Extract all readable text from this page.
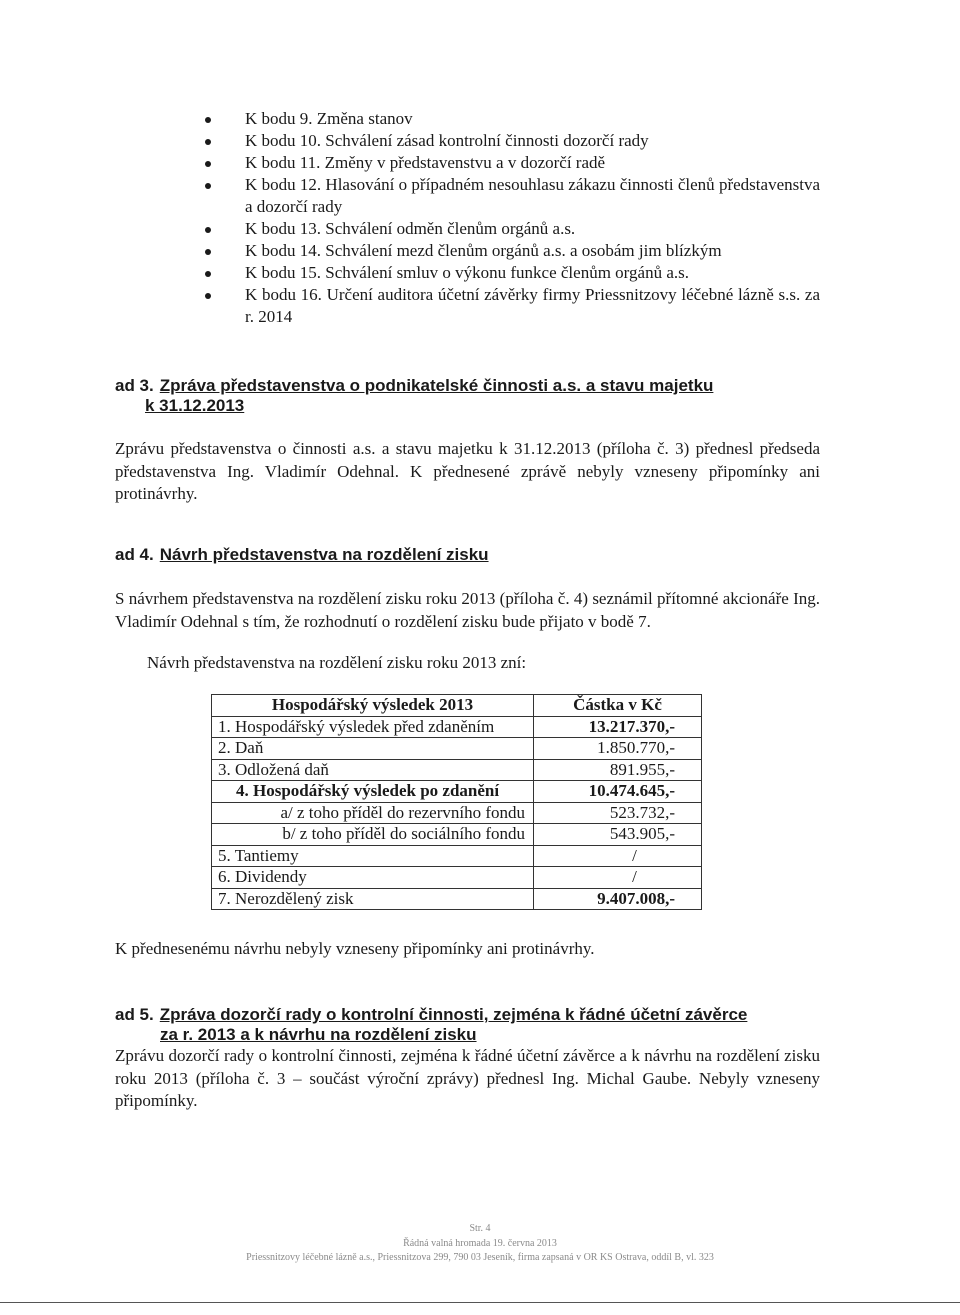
K bodu 9. Změna stanov
K bodu 10. Schválení zásad kontrolní činnosti dozorčí rady
K bodu 11. Změny v představenstvu a v dozorčí radě
K bodu 12. Hlasování o případném nesouhlasu zákazu činnosti členů představenstva a dozorčí rady
K bodu 13. Schválení odměn členům orgánů a.s.
K bodu 14. Schválení mezd členům orgánů a.s. a osobám jim blízkým
K bodu 15. Schválení smluv o výkonu funkce členům orgánů a.s.
K bodu 16. Určení auditora účetní závěrky firmy Priessnitzovy léčebné lázně s.s. za r. 2014
ad 3. Zpráva představenstva o podnikatelské činnosti a.s. a stavu majetku
k 31.12.2013

Zprávu představenstva o činnosti a.s. a stavu majetku k 31.12.2013 (příloha č. 3) přednesl předseda představenstva Ing. Vladimír Odehnal. K přednesené zprávě nebyly vzneseny připomínky ani protinávrhy.

ad 4. Návrh představenstva na rozdělení zisku

S návrhem představenstva na rozdělení zisku roku 2013 (příloha č. 4) seznámil přítomné akcionáře Ing. Vladimír Odehnal s tím, že rozhodnutí o rozdělení zisku bude přijato v bodě 7.

Návrh představenstva na rozdělení zisku roku 2013 zní:

Hospodářský výsledek 2013	Částka v Kč
1. Hospodářský výsledek před zdaněním	13.217.370,-
2. Daň	1.850.770,-
3. Odložená daň	891.955,-
4. Hospodářský výsledek po zdanění	10.474.645,-
a/ z toho příděl do rezervního fondu	523.732,-
b/ z toho příděl do sociálního fondu	543.905,-
5. Tantiemy	/
6. Dividendy	/
7. Nerozdělený zisk	9.407.008,-

K přednesenému návrhu nebyly vzneseny připomínky ani protinávrhy.

ad 5. Zpráva dozorčí rady o kontrolní činnosti, zejména k řádné účetní závěrce
za r. 2013 a k návrhu na rozdělení zisku

Zprávu dozorčí rady o kontrolní činnosti, zejména k řádné účetní závěrce a k návrhu na rozdělení zisku roku 2013 (příloha č. 3 – součást výroční zprávy) přednesl Ing. Michal Gaube. Nebyly vzneseny připomínky.

Str. 4
Řádná valná hromada 19. června 2013
Priessnitzovy léčebné lázně a.s., Priessnitzova 299, 790 03 Jeseník, firma zapsaná v OR KS Ostrava, oddíl B, vl. 323
